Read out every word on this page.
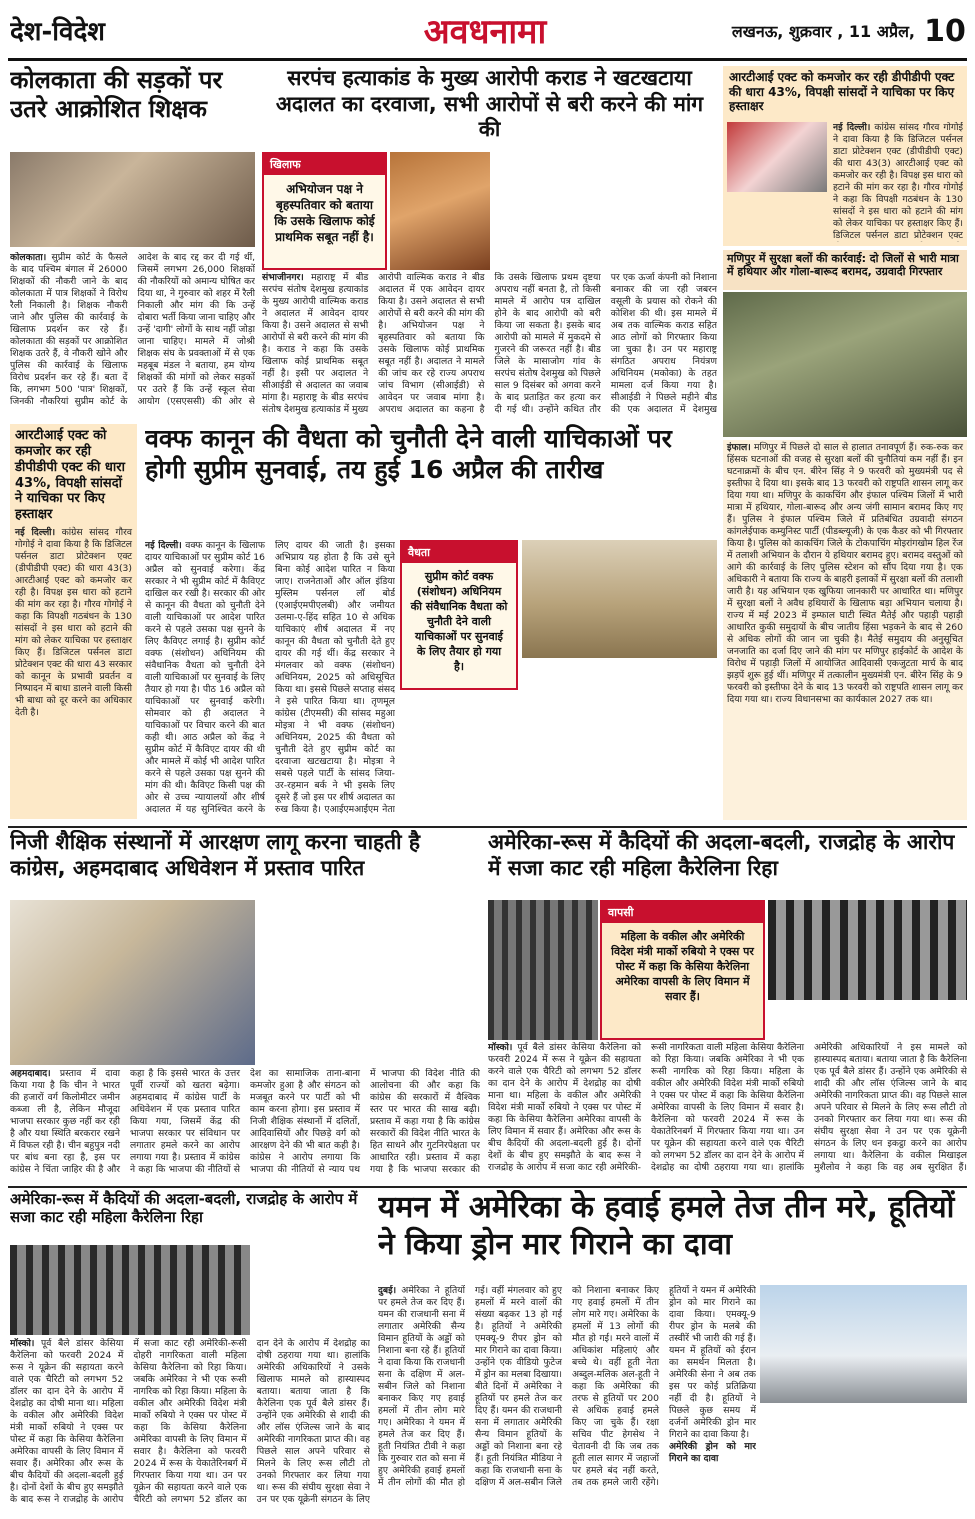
देश-विदेश	अवधनामा	लखनऊ, शुक्रवार , 11 अप्रैल, 10
कोलकाता की सड़कों पर उतरे आक्रोशित शिक्षक
कोलकाता। सुप्रीम कोर्ट के फैसले के बाद पश्चिम बंगाल में 26000 शिक्षकों की नौकरी जाने के बाद कोलकाता में पात्र शिक्षकों ने विरोध रैली निकाली है। शिक्षक नौकरी जाने और पुलिस की कार्रवाई के खिलाफ प्रदर्शन कर रहे हैं। कोलकाता की सड़कों पर आक्रोशित शिक्षक उतरे हैं, वे नौकरी खोने और पुलिस की कार्रवाई के खिलाफ विरोध प्रदर्शन कर रहे हैं। बता दें कि, लगभग 500 'पात्र' शिक्षकों, जिनकी नौकरियां सुप्रीम कोर्ट के आदेश के बाद रद्द कर दी गई थीं, जिसमें लगभग 26,000 शिक्षकों की नौकरियों को अमान्य घोषित कर दिया था, ने गुरुवार को शहर में रैली निकाली और मांग की कि उन्हें दोबारा भर्ती किया जाना चाहिए और उन्हें 'दागी' लोगों के साथ नहीं जोड़ा जाना चाहिए। मामले में जोश्री शिक्षक संघ के प्रवक्ताओं में से एक महबूब मंडल ने बताया, हम योग्य शिक्षकों की मांगों को लेकर सड़कों पर उतरे हैं कि उन्हें स्कूल सेवा आयोग (एसएससी) की ओर से
सरपंच हत्याकांड के मुख्य आरोपी कराड ने खटखटाया अदालत का दरवाजा, सभी आरोपों से बरी करने की मांग की
खिलाफ
अभियोजन पक्ष ने बृहस्पतिवार को बताया कि उसके खिलाफ कोई प्राथमिक सबूत नहीं है।
संभाजीनगर। महाराष्ट्र में बीड सरपंच संतोष देशमुख हत्याकांड के मुख्य आरोपी वाल्मिक कराड ने अदालत में आवेदन दायर किया है। उसने अदालत से सभी आरोपों से बरी करने की मांग की है। कराड ने कहा कि उसके खिलाफ कोई प्राथमिक सबूत नहीं है। इसी पर अदालत ने सीआईडी से अदालत का जवाब मांगा है। महाराष्ट्र के बीड सरपंच संतोष देशमुख हत्याकांड में मुख्य आरोपी वाल्मिक कराड ने बीड अदालत में एक आवेदन दायर किया है। उसने अदालत से सभी आरोपों से बरी करने की मांग की है। अभियोजन पक्ष ने बृहस्पतिवार को बताया कि उसके खिलाफ कोई प्राथमिक सबूत नहीं है। अदालत ने मामले की जांच कर रहे राज्य अपराध जांच विभाग (सीआईडी) से आवेदन पर जवाब मांगा है। अपराध अदालत का कहना है कि उसके खिलाफ प्रथम दृष्टया अपराध नहीं बनता है, तो किसी मामले में आरोप पत्र दाखिल होने के बाद आरोपी को बरी किया जा सकता है। इसके बाद आरोपी को मामले में मुकदमे से गुजरने की जरूरत नहीं है। बीड जिले के मासाजोग गांव के सरपंच संतोष देशमुख को पिछले साल 9 दिसंबर को अगवा करने के बाद प्रताड़ित कर हत्या कर दी गई थी। उन्होंने कथित तौर पर एक ऊर्जा कंपनी को निशाना बनाकर की जा रही जबरन वसूली के प्रयास को रोकने की कोशिश की थी। इस मामले में अब तक वाल्मिक कराड सहित आठ लोगों को गिरफ्तार किया जा चुका है। उन पर महाराष्ट्र संगठित अपराध नियंत्रण अधिनियम (मकोका) के तहत मामला दर्ज किया गया है। सीआईडी ने पिछले महीने बीड की एक अदालत में देशमुख
आरटीआई एक्ट को कमजोर कर रही डीपीडीपी एक्ट की धारा 43%, विपक्षी सांसदों ने याचिका पर किए हस्ताक्षर
नई दिल्ली। कांग्रेस सांसद गौरव गोगोई ने दावा किया है कि डिजिटल पर्सनल डाटा प्रोटेक्शन एक्ट (डीपीडीपी एक्ट) की धारा 43(3) आरटीआई एक्ट को कमजोर कर रही है। विपक्ष इस धारा को हटाने की मांग कर रहा है। गौरव गोगोई ने कहा कि विपक्षी गठबंधन के 130 सांसदों ने इस धारा को हटाने की मांग को लेकर याचिका पर हस्ताक्षर किए हैं। डिजिटल पर्सनल डाटा प्रोटेक्शन एक्ट
मणिपुर में सुरक्षा बलों की कार्रवाई: दो जिलों से भारी मात्रा में हथियार और गोला-बारूद बरामद, उग्रवादी गिरफ्तार
इंफाल। मणिपुर में पिछले दो साल से हालात तनावपूर्ण हैं। रुक-रुक कर हिंसक घटनाओं की वजह से सुरक्षा बलों की चुनौतियां कम नहीं हैं। इन घटनाक्रमों के बीच एन. बीरेन सिंह ने 9 फरवरी को मुख्यमंत्री पद से इस्तीफा दे दिया था। इसके बाद 13 फरवरी को राष्ट्रपति शासन लागू कर दिया गया था। मणिपुर के काकचिंग और इंफाल पश्चिम जिलों में भारी मात्रा में हथियार, गोला-बारूद और अन्य जंगी सामान बरामद किए गए हैं। पुलिस ने इंफाल पश्चिम जिले में प्रतिबंधित उग्रवादी संगठन कांगलेईपाक कम्युनिस्ट पार्टी (पीडब्ल्यूजी) के एक कैडर को भी गिरफ्तार किया है। पुलिस को काकचिंग जिले के टोकपाचिंग मोइरांगखोम हिल रेंज में तलाशी अभियान के दौरान ये हथियार बरामद हुए। बरामद वस्तुओं को आगे की कार्रवाई के लिए पुलिस स्टेशन को सौंप दिया गया है। एक अधिकारी ने बताया कि राज्य के बाहरी इलाकों में सुरक्षा बलों की तलाशी जारी है। यह अभियान एक खुफिया जानकारी पर आधारित था। मणिपुर में सुरक्षा बलों ने अवैध हथियारों के खिलाफ बड़ा अभियान चलाया है। राज्य में मई 2023 में इम्फाल घाटी स्थित मैतेई और पहाड़ी पहाड़ी आधारित कुकी समुदायों के बीच जातीय हिंसा भड़कने के बाद से 260 से अधिक लोगों की जान जा चुकी है। मैतेई समुदाय की अनुसूचित जनजाति का दर्जा दिए जाने की मांग पर मणिपुर हाईकोर्ट के आदेश के विरोध में पहाड़ी जिलों में आयोजित आदिवासी एकजुटता मार्च के बाद झड़पें शुरू हुई थीं। मणिपुर में तत्कालीन मुख्यमंत्री एन. बीरेन सिंह के 9 फरवरी को इस्तीफा देने के बाद 13 फरवरी को राष्ट्रपति शासन लागू कर दिया गया था। राज्य विधानसभा का कार्यकाल 2027 तक था।
आरटीआई एक्ट को कमजोर कर रही डीपीडीपी एक्ट की धारा 43%, विपक्षी सांसदों ने याचिका पर किए हस्ताक्षर
नई दिल्ली। कांग्रेस सांसद गौरव गोगोई ने दावा किया है कि डिजिटल पर्सनल डाटा प्रोटेक्शन एक्ट (डीपीडीपी एक्ट) की धारा 43(3) आरटीआई एक्ट को कमजोर कर रही है। विपक्ष इस धारा को हटाने की मांग कर रहा है। गौरव गोगोई ने कहा कि विपक्षी गठबंधन के 130 सांसदों ने इस धारा को हटाने की मांग को लेकर याचिका पर हस्ताक्षर किए हैं। डिजिटल पर्सनल डाटा प्रोटेक्शन एक्ट की धारा 43 सरकार को कानून के प्रभावी प्रवर्तन व निष्पादन में बाधा डालने वाली किसी भी बाधा को दूर करने का अधिकार देती है।
वक्फ कानून की वैधता को चुनौती देने वाली याचिकाओं पर होगी सुप्रीम सुनवाई, तय हुई 16 अप्रैल की तारीख
नई दिल्ली। वक्फ कानून के खिलाफ दायर याचिकाओं पर सुप्रीम कोर्ट 16 अप्रैल को सुनवाई करेगा। केंद्र सरकार ने भी सुप्रीम कोर्ट में कैविएट दाखिल कर रखी है। सरकार की ओर से कानून की वैधता को चुनौती देने वाली याचिकाओं पर आदेश पारित करने से पहले उसका पक्ष सुनने के लिए कैविएट लगाई है। सुप्रीम कोर्ट वक्फ (संशोधन) अधिनियम की संवैधानिक वैधता को चुनौती देने वाली याचिकाओं पर सुनवाई के लिए तैयार हो गया है। पीठ 16 अप्रैल को याचिकाओं पर सुनवाई करेगी। सोमवार को ही अदालत ने याचिकाओं पर विचार करने की बात कही थी। आठ अप्रैल को केंद्र ने सुप्रीम कोर्ट में कैविएट दायर की थी और मामले में कोई भी आदेश पारित करने से पहले उसका पक्ष सुनने की मांग की थी। कैविएट किसी पक्ष की ओर से उच्च न्यायालयों और शीर्ष अदालत में यह सुनिश्चित करने के लिए दायर की जाती है। इसका अभिप्राय यह होता है कि उसे सुने बिना कोई आदेश पारित न किया जाए। राजनेताओं और ऑल इंडिया मुस्लिम पर्सनल लॉ बोर्ड (एआईएमपीएलबी) और जमीयत उलमा-ए-हिंद सहित 10 से अधिक याचिकाएं शीर्ष अदालत में नए कानून की वैधता को चुनौती देते हुए दायर की गई थीं। केंद्र सरकार ने मंगलवार को वक्फ (संशोधन) अधिनियम, 2025 को अधिसूचित किया था। इससे पिछले सप्ताह संसद ने इसे पारित किया था। तृणमूल कांग्रेस (टीएमसी) की सांसद महुआ मोइत्रा ने भी वक्फ (संशोधन) अधिनियम, 2025 की वैधता को चुनौती देते हुए सुप्रीम कोर्ट का दरवाजा खटखटाया है। मोइत्रा ने सबसे पहले पार्टी के सांसद जिया-उर-रहमान बर्क ने भी इसके लिए दूसरे हैं जो इस पर शीर्ष अदालत का रुख किया है। एआईएमआईएम नेता
वैधता
सुप्रीम कोर्ट वक्फ (संशोधन) अधिनियम की संवैधानिक वैधता को चुनौती देने वाली याचिकाओं पर सुनवाई के लिए तैयार हो गया है।
निजी शैक्षिक संस्थानों में आरक्षण लागू करना चाहती है कांग्रेस, अहमदाबाद अधिवेशन में प्रस्ताव पारित
अहमदाबाद। प्रस्ताव में दावा किया गया है कि चीन ने भारत की हजारों वर्ग किलोमीटर जमीन कब्जा ली है, लेकिन मौजूदा भाजपा सरकार कुछ नहीं कर रही है और यथा स्थिति बरकरार रखने में विफल रही है। चीन बहुपुत्र नदी पर बांध बना रहा है, इस पर कांग्रेस ने चिंता जाहिर की है और कहा है कि इससे भारत के उत्तर पूर्वी राज्यों को खतरा बढ़ेगा। अहमदाबाद में कांग्रेस पार्टी के अधिवेशन में एक प्रस्ताव पारित किया गया, जिसमें केंद्र की भाजपा सरकार पर संविधान पर लगातार हमले करने का आरोप लगाया गया है। प्रस्ताव में कांग्रेस ने कहा कि भाजपा की नीतियों से देश का सामाजिक ताना-बाना कमजोर हुआ है और संगठन को मजबूत करने पर पार्टी को भी काम करना होगा। इस प्रस्ताव में निजी शैक्षिक संस्थानों में दलितों, आदिवासियों और पिछड़े वर्ग को आरक्षण देने की भी बात कही है। कांग्रेस ने आरोप लगाया कि भाजपा की नीतियों से न्याय पथ में भाजपा की विदेश नीति की आलोचना की और कहा कि कांग्रेस की सरकारों में वैश्विक स्तर पर भारत की साख बढ़ी। प्रस्ताव में कहा गया है कि कांग्रेस सरकारों की विदेश नीति भारत के हित साधने और गुटनिरपेक्षता पर आधारित रही। प्रस्ताव में कहा गया है कि भाजपा सरकार की
अमेरिका-रूस में कैदियों की अदला-बदली, राजद्रोह के आरोप में सजा काट रही महिला कैरेलिना रिहा
वापसी
महिला के वकील और अमेरिकी विदेश मंत्री मार्को रुबियो ने एक्स पर पोस्ट में कहा कि केसिया कैरेलिना अमेरिका वापसी के लिए विमान में सवार हैं।
मॉस्को। पूर्व बैले डांसर केसिया कैरेलिना को फरवरी 2024 में रूस ने यूक्रेन की सहायता करने वाले एक चैरिटी को लगभग 52 डॉलर का दान देने के आरोप में देशद्रोह का दोषी माना था। महिला के वकील और अमेरिकी विदेश मंत्री मार्को रुबियो ने एक्स पर पोस्ट में कहा कि केसिया कैरेलिना अमेरिका वापसी के लिए विमान में सवार हैं। अमेरिका और रूस के बीच कैदियों की अदला-बदली हुई है। दोनों देशों के बीच हुए समझौते के बाद रूस ने राजद्रोह के आरोप में सजा काट रही अमेरिकी-रूसी नागरिकता वाली महिला केसिया कैरेलिना को रिहा किया। जबकि अमेरिका ने भी एक रूसी नागरिक को रिहा किया। महिला के वकील और अमेरिकी विदेश मंत्री मार्को रुबियो ने एक्स पर पोस्ट में कहा कि केसिया कैरेलिना अमेरिका वापसी के लिए विमान में सवार है। कैरेलिना को फरवरी 2024 में रूस के येकातेरिनबर्ग में गिरफ्तार किया गया था। उन पर यूक्रेन की सहायता करने वाले एक चैरिटी को लगभग 52 डॉलर का दान देने के आरोप में देशद्रोह का दोषी ठहराया गया था। हालांकि अमेरिकी अधिकारियों ने इस मामले को हास्यास्पद बताया। बताया जाता है कि कैरेलिना एक पूर्व बैले डांसर हैं। उन्होंने एक अमेरिकी से शादी की और लॉस एंजिल्स जाने के बाद अमेरिकी नागरिकता प्राप्त की। वह पिछले साल अपने परिवार से मिलने के लिए रूस लौटी तो उनको गिरफ्तार कर लिया गया था। रूस की संघीय सुरक्षा सेवा ने उन पर एक यूक्रेनी संगठन के लिए धन इकट्ठा करने का आरोप लगाया था। कैरेलिना के वकील मिखाइल मुशैलोव ने कहा कि वह अब सुरक्षित हैं।
अमेरिका-रूस में कैदियों की अदला-बदली, राजद्रोह के आरोप में सजा काट रही महिला कैरेलिना रिहा
मॉस्को। पूर्व बैले डांसर केसिया कैरेलिना को फरवरी 2024 में रूस ने यूक्रेन की सहायता करने वाले एक चैरिटी को लगभग 52 डॉलर का दान देने के आरोप में देशद्रोह का दोषी माना था। महिला के वकील और अमेरिकी विदेश मंत्री मार्को रुबियो ने एक्स पर पोस्ट में कहा कि केसिया कैरेलिना अमेरिका वापसी के लिए विमान में सवार हैं। अमेरिका और रूस के बीच कैदियों की अदला-बदली हुई है। दोनों देशों के बीच हुए समझौते के बाद रूस ने राजद्रोह के आरोप में सजा काट रही अमेरिकी-रूसी दोहरी नागरिकता वाली महिला केसिया कैरेलिना को रिहा किया। जबकि अमेरिका ने भी एक रूसी नागरिक को रिहा किया। महिला के वकील और अमेरिकी विदेश मंत्री मार्को रुबियो ने एक्स पर पोस्ट में कहा कि केसिया कैरेलिना अमेरिका वापसी के लिए विमान में सवार है। कैरेलिना को फरवरी 2024 में रूस के येकातेरिनबर्ग में गिरफ्तार किया गया था। उन पर यूक्रेन की सहायता करने वाले एक चैरिटी को लगभग 52 डॉलर का दान देने के आरोप में देशद्रोह का दोषी ठहराया गया था। हालांकि अमेरिकी अधिकारियों ने उसके खिलाफ मामले को हास्यास्पद बताया। बताया जाता है कि कैरेलिना एक पूर्व बैले डांसर हैं। उन्होंने एक अमेरिकी से शादी की और लॉस एंजिल्स जाने के बाद अमेरिकी नागरिकता प्राप्त की। वह पिछले साल अपने परिवार से मिलने के लिए रूस लौटी तो उनको गिरफ्तार कर लिया गया था। रूस की संघीय सुरक्षा सेवा ने उन पर एक यूक्रेनी संगठन के लिए
यमन में अमेरिका के हवाई हमले तेज तीन मरे, हूतियों ने किया ड्रोन मार गिराने का दावा
दुबई। अमेरिका ने हूतियों पर हमले तेज कर दिए हैं। यमन की राजधानी सना में लगातार अमेरिकी सैन्य विमान हूतियों के अड्डों को निशाना बना रहे हैं। हूतियों ने दावा किया कि राजधानी सना के दक्षिण में अल-सबीन जिले को निशाना बनाकर किए गए हवाई हमलों में तीन लोग मारे गए। अमेरिका ने यमन में हमले तेज कर दिए हैं। हूती नियंत्रित टीवी ने कहा कि गुरुवार रात को सना में हुए अमेरिकी हवाई हमलों में तीन लोगों की मौत हो गई। वहीं मंगलवार को हुए हमलों में मरने वालों की संख्या बढ़कर 13 हो गई है। हूतियों ने अमेरिकी एमक्यू-9 रीपर ड्रोन को मार गिराने का दावा किया। उन्होंने एक वीडियो फुटेज में ड्रोन का मलबा दिखाया। बीते दिनों में अमेरिका ने हूतियों पर हमले तेज कर दिए हैं। यमन की राजधानी सना में लगातार अमेरिकी सैन्य विमान हूतियों के अड्डों को निशाना बना रहे हैं। हूती नियंत्रित मीडिया ने कहा कि राजधानी सना के दक्षिण में अल-सबीन जिले को निशाना बनाकर किए गए हवाई हमलों में तीन लोग मारे गए। अमेरिका के हमलों में 13 लोगों की मौत हो गई। मरने वालों में अधिकांश महिलाएं और बच्चे थे। वहीं हूती नेता अब्दुल-मलिक अल-हूती ने कहा कि अमेरिका की तरफ से हूतियों पर 200 से अधिक हवाई हमले किए जा चुके हैं। रक्षा सचिव पीट हेगसेथ ने चेतावनी दी कि जब तक हूती लाल सागर में जहाजों पर हमले बंद नहीं करते, तब तक हमले जारी रहेंगे। हूतियों ने यमन में अमेरिकी ड्रोन को मार गिराने का दावा किया। एमक्यू-9 रीपर ड्रोन के मलबे की तस्वीरें भी जारी की गई हैं। यमन में हूतियों को ईरान का समर्थन मिलता है। अमेरिकी सेना ने अब तक इस पर कोई प्रतिक्रिया नहीं दी है। हूतियों ने पिछले कुछ समय में दर्जनों अमेरिकी ड्रोन मार गिराने का दावा किया है।
अमेरिकी ड्रोन को मार गिराने का दावा
